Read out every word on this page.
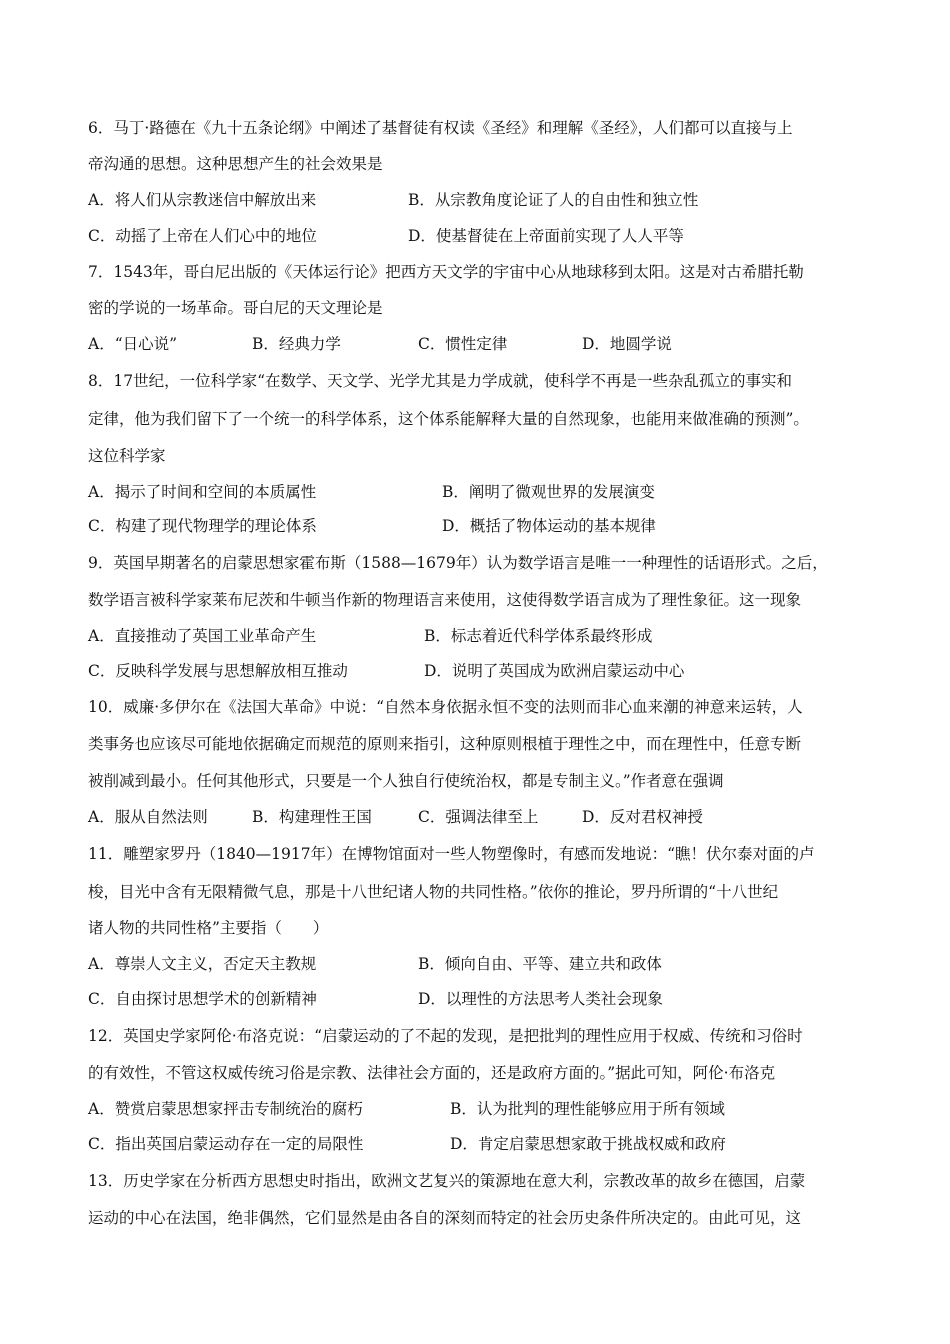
6．马丁·路德在《九十五条论纲》中阐述了基督徒有权读《圣经》和理解《圣经》，人们都可以直接与上
帝沟通的思想。这种思想产生的社会效果是
A．将人们从宗教迷信中解放出来	B．从宗教角度论证了人的自由性和独立性
C．动摇了上帝在人们心中的地位	D．使基督徒在上帝面前实现了人人平等
7．1543年，哥白尼出版的《天体运行论》把西方天文学的宇宙中心从地球移到太阳。这是对古希腊托勒
密的学说的一场革命。哥白尼的天文理论是
A．“日心说”	B．经典力学	C．惯性定律	D．地圆学说
8．17世纪，一位科学家“在数学、天文学、光学尤其是力学成就，使科学不再是一些杂乱孤立的事实和
定律，他为我们留下了一个统一的科学体系，这个体系能解释大量的自然现象，也能用来做准确的预测”。
这位科学家
A．揭示了时间和空间的本质属性	B．阐明了微观世界的发展演变
C．构建了现代物理学的理论体系	D．概括了物体运动的基本规律
9．英国早期著名的启蒙思想家霍布斯（1588—1679年）认为数学语言是唯一一种理性的话语形式。之后，
数学语言被科学家莱布尼茨和牛顿当作新的物理语言来使用，这使得数学语言成为了理性象征。这一现象
A．直接推动了英国工业革命产生	B．标志着近代科学体系最终形成
C．反映科学发展与思想解放相互推动	D．说明了英国成为欧洲启蒙运动中心
10．威廉·多伊尔在《法国大革命》中说：“自然本身依据永恒不变的法则而非心血来潮的神意来运转，人
类事务也应该尽可能地依据确定而规范的原则来指引，这种原则根植于理性之中，而在理性中，任意专断
被削减到最小。任何其他形式，只要是一个人独自行使统治权，都是专制主义。”作者意在强调
A．服从自然法则	B．构建理性王国	C．强调法律至上	D．反对君权神授
11．雕塑家罗丹（1840—1917年）在博物馆面对一些人物塑像时，有感而发地说：“瞧！伏尔泰对面的卢
梭，目光中含有无限精微气息，那是十八世纪诸人物的共同性格。”依你的推论，罗丹所谓的“十八世纪
诸人物的共同性格”主要指（　　）
A．尊崇人文主义，否定天主教规	B．倾向自由、平等、建立共和政体
C．自由探讨思想学术的创新精神	D．以理性的方法思考人类社会现象
12．英国史学家阿伦·布洛克说：“启蒙运动的了不起的发现，是把批判的理性应用于权威、传统和习俗时
的有效性，不管这权威传统习俗是宗教、法律社会方面的，还是政府方面的。”据此可知，阿伦·布洛克
A．赞赏启蒙思想家抨击专制统治的腐朽	B．认为批判的理性能够应用于所有领域
C．指出英国启蒙运动存在一定的局限性	D．肯定启蒙思想家敢于挑战权威和政府
13．历史学家在分析西方思想史时指出，欧洲文艺复兴的策源地在意大利，宗教改革的故乡在德国，启蒙
运动的中心在法国，绝非偶然，它们显然是由各自的深刻而特定的社会历史条件所决定的。由此可见，这
